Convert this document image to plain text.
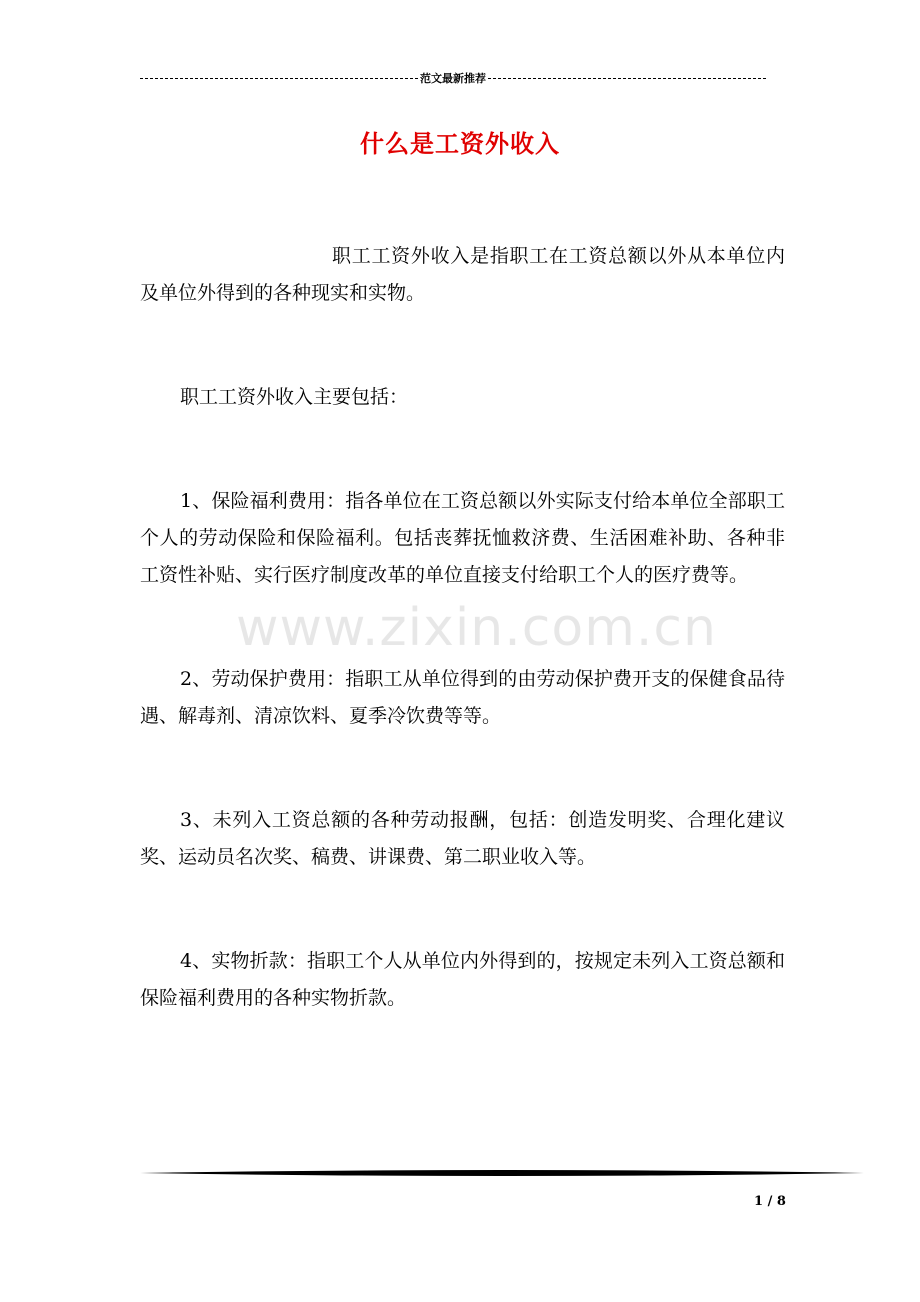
范文最新推荐
什么是工资外收入

职工工资外收入是指职工在工资总额以外从本单位内及单位外得到的各种现实和实物。

职工工资外收入主要包括：

1、保险福利费用：指各单位在工资总额以外实际支付给本单位全部职工个人的劳动保险和保险福利。包括丧葬抚恤救济费、生活困难补助、各种非工资性补贴、实行医疗制度改革的单位直接支付给职工个人的医疗费等。

2、劳动保护费用：指职工从单位得到的由劳动保护费开支的保健食品待遇、解毒剂、清凉饮料、夏季冷饮费等等。

3、未列入工资总额的各种劳动报酬，包括：创造发明奖、合理化建议奖、运动员名次奖、稿费、讲课费、第二职业收入等。

4、实物折款：指职工个人从单位内外得到的，按规定未列入工资总额和保险福利费用的各种实物折款。

www.zixin.com.cn
1 / 8
